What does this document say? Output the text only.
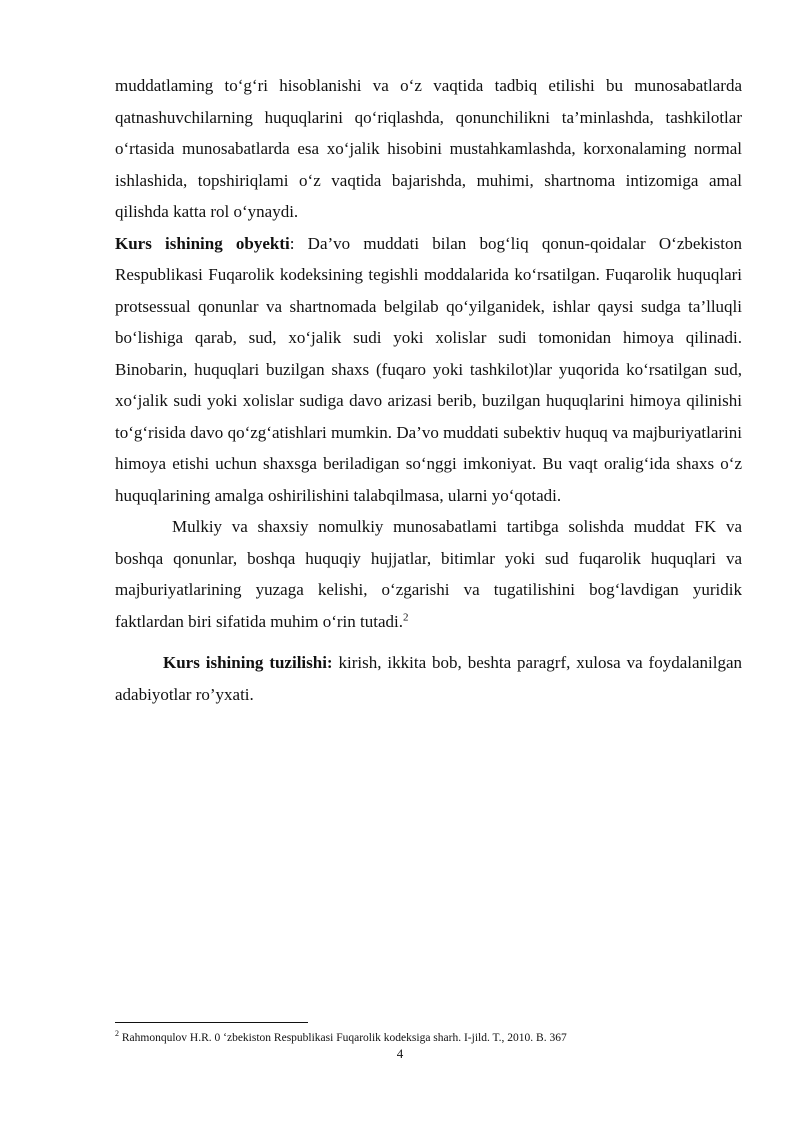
muddatlaming to‘g‘ri hisoblanishi va o‘z vaqtida tadbiq etilishi bu munosabatlarda qatnashuvchilarning huquqlarini qo‘riqlashda, qonunchilikni ta’minlashda, tashkilotlar o‘rtasida munosabatlarda esa xo‘jalik hisobini mustahkamlashda, korxonalaming normal ishlashida, topshiriqlami o‘z vaqtida bajarishda, muhimi, shartnoma intizomiga amal qilishda katta rol o‘ynaydi.

Kurs ishining obyekti: Da’vo muddati bilan bog‘liq qonun-qoidalar O‘zbekiston Respublikasi Fuqarolik kodeksining tegishli moddalarida ko‘rsatilgan. Fuqarolik huquqlari protsessual qonunlar va shartnomada belgilab qo‘yilganidek, ishlar qaysi sudga ta’lluqli bo‘lishiga qarab, sud, xo‘jalik sudi yoki xolislar sudi tomonidan himoya qilinadi. Binobarin, huquqlari buzilgan shaxs (fuqaro yoki tashkilot)lar yuqorida ko‘rsatilgan sud, xo‘jalik sudi yoki xolislar sudiga davo arizasi berib, buzilgan huquqlarini himoya qilinishi to‘g‘risida davo qo‘zg‘atishlari mumkin. Da’vo muddati subektiv huquq va majburiyatlarini himoya etishi uchun shaxsga beriladigan so‘nggi imkoniyat. Bu vaqt oralig‘ida shaxs o‘z huquqlarining amalga oshirilishini talabqilmasa, ularni yo‘qotadi.

Mulkiy va shaxsiy nomulkiy munosabatlami tartibga solishda muddat FK va boshqa qonunlar, boshqa huquqiy hujjatlar, bitimlar yoki sud fuqarolik huquqlari va majburiyatlarining yuzaga kelishi, o‘zgarishi va tugatilishini bog‘lavdigan yuridik faktlardan biri sifatida muhim o‘rin tutadi.$^2$

Kurs ishining tuzilishi: kirish, ikkita bob, beshta paragrf, xulosa va foydalanilgan adabiyotlar ro’yxati.

$^2$ Rahmonqulov H.R. 0 ‘zbekiston Respublikasi Fuqarolik kodeksiga sharh. I-jild. T., 2010. B. 367
4
